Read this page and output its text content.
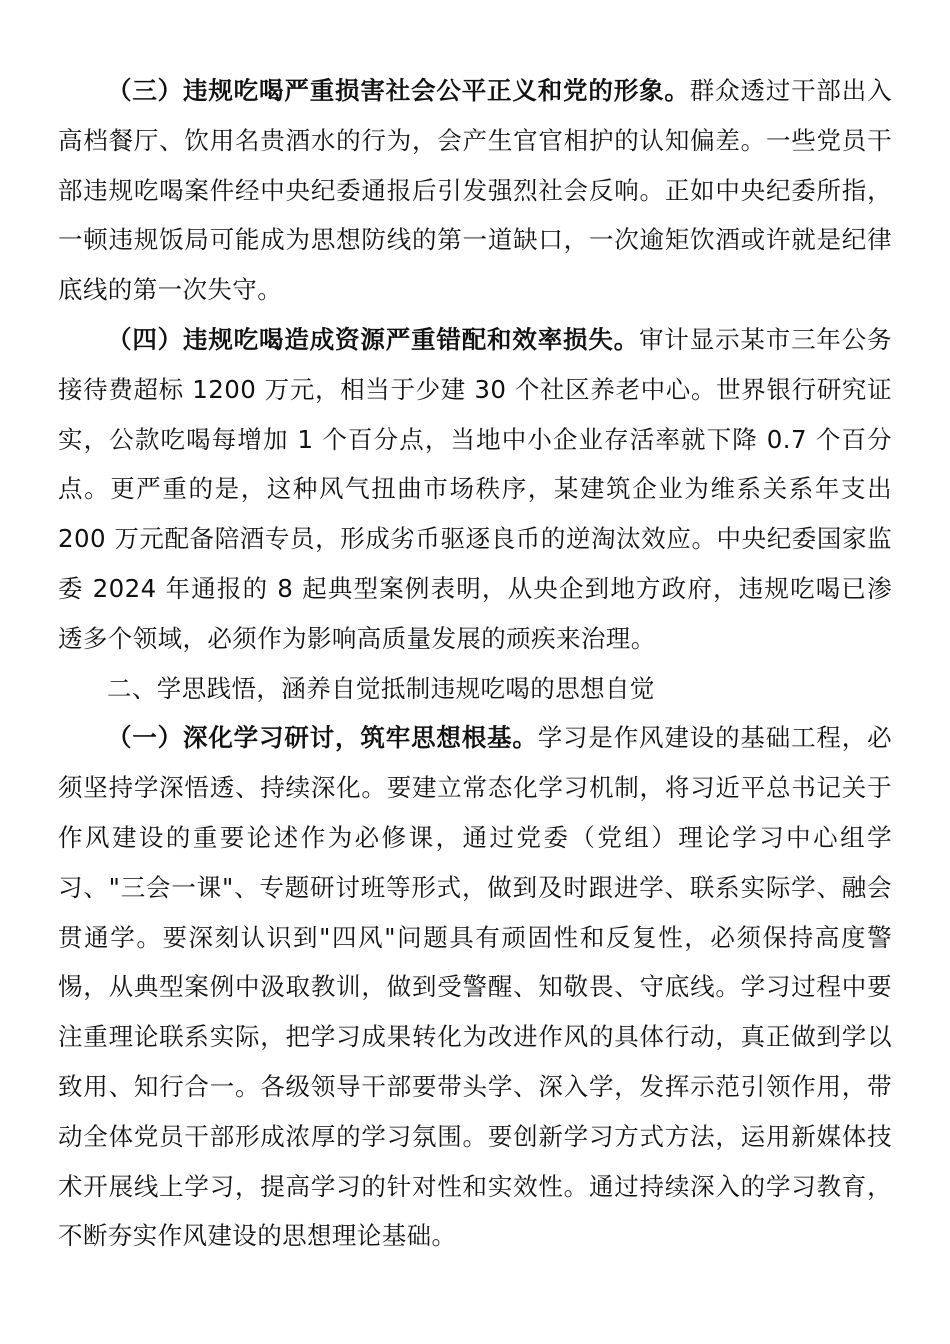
（三）违规吃喝严重损害社会公平正义和党的形象。群众透过干部出入高档餐厅、饮用名贵酒水的行为，会产生官官相护的认知偏差。一些党员干部违规吃喝案件经中央纪委通报后引发强烈社会反响。正如中央纪委所指，一顿违规饭局可能成为思想防线的第一道缺口，一次逾矩饮酒或许就是纪律底线的第一次失守。

（四）违规吃喝造成资源严重错配和效率损失。审计显示某市三年公务接待费超标 1200 万元，相当于少建 30 个社区养老中心。世界银行研究证实，公款吃喝每增加 1 个百分点，当地中小企业存活率就下降 0.7 个百分点。更严重的是，这种风气扭曲市场秩序，某建筑企业为维系关系年支出 200 万元配备陪酒专员，形成劣币驱逐良币的逆淘汰效应。中央纪委国家监委 2024 年通报的 8 起典型案例表明，从央企到地方政府，违规吃喝已渗透多个领域，必须作为影响高质量发展的顽疾来治理。

二、学思践悟，涵养自觉抵制违规吃喝的思想自觉

（一）深化学习研讨，筑牢思想根基。学习是作风建设的基础工程，必须坚持学深悟透、持续深化。要建立常态化学习机制，将习近平总书记关于作风建设的重要论述作为必修课，通过党委（党组）理论学习中心组学习、"三会一课"、专题研讨班等形式，做到及时跟进学、联系实际学、融会贯通学。要深刻认识到"四风"问题具有顽固性和反复性，必须保持高度警惕，从典型案例中汲取教训，做到受警醒、知敬畏、守底线。学习过程中要注重理论联系实际，把学习成果转化为改进作风的具体行动，真正做到学以致用、知行合一。各级领导干部要带头学、深入学，发挥示范引领作用，带动全体党员干部形成浓厚的学习氛围。要创新学习方式方法，运用新媒体技术开展线上学习，提高学习的针对性和实效性。通过持续深入的学习教育，不断夯实作风建设的思想理论基础。
